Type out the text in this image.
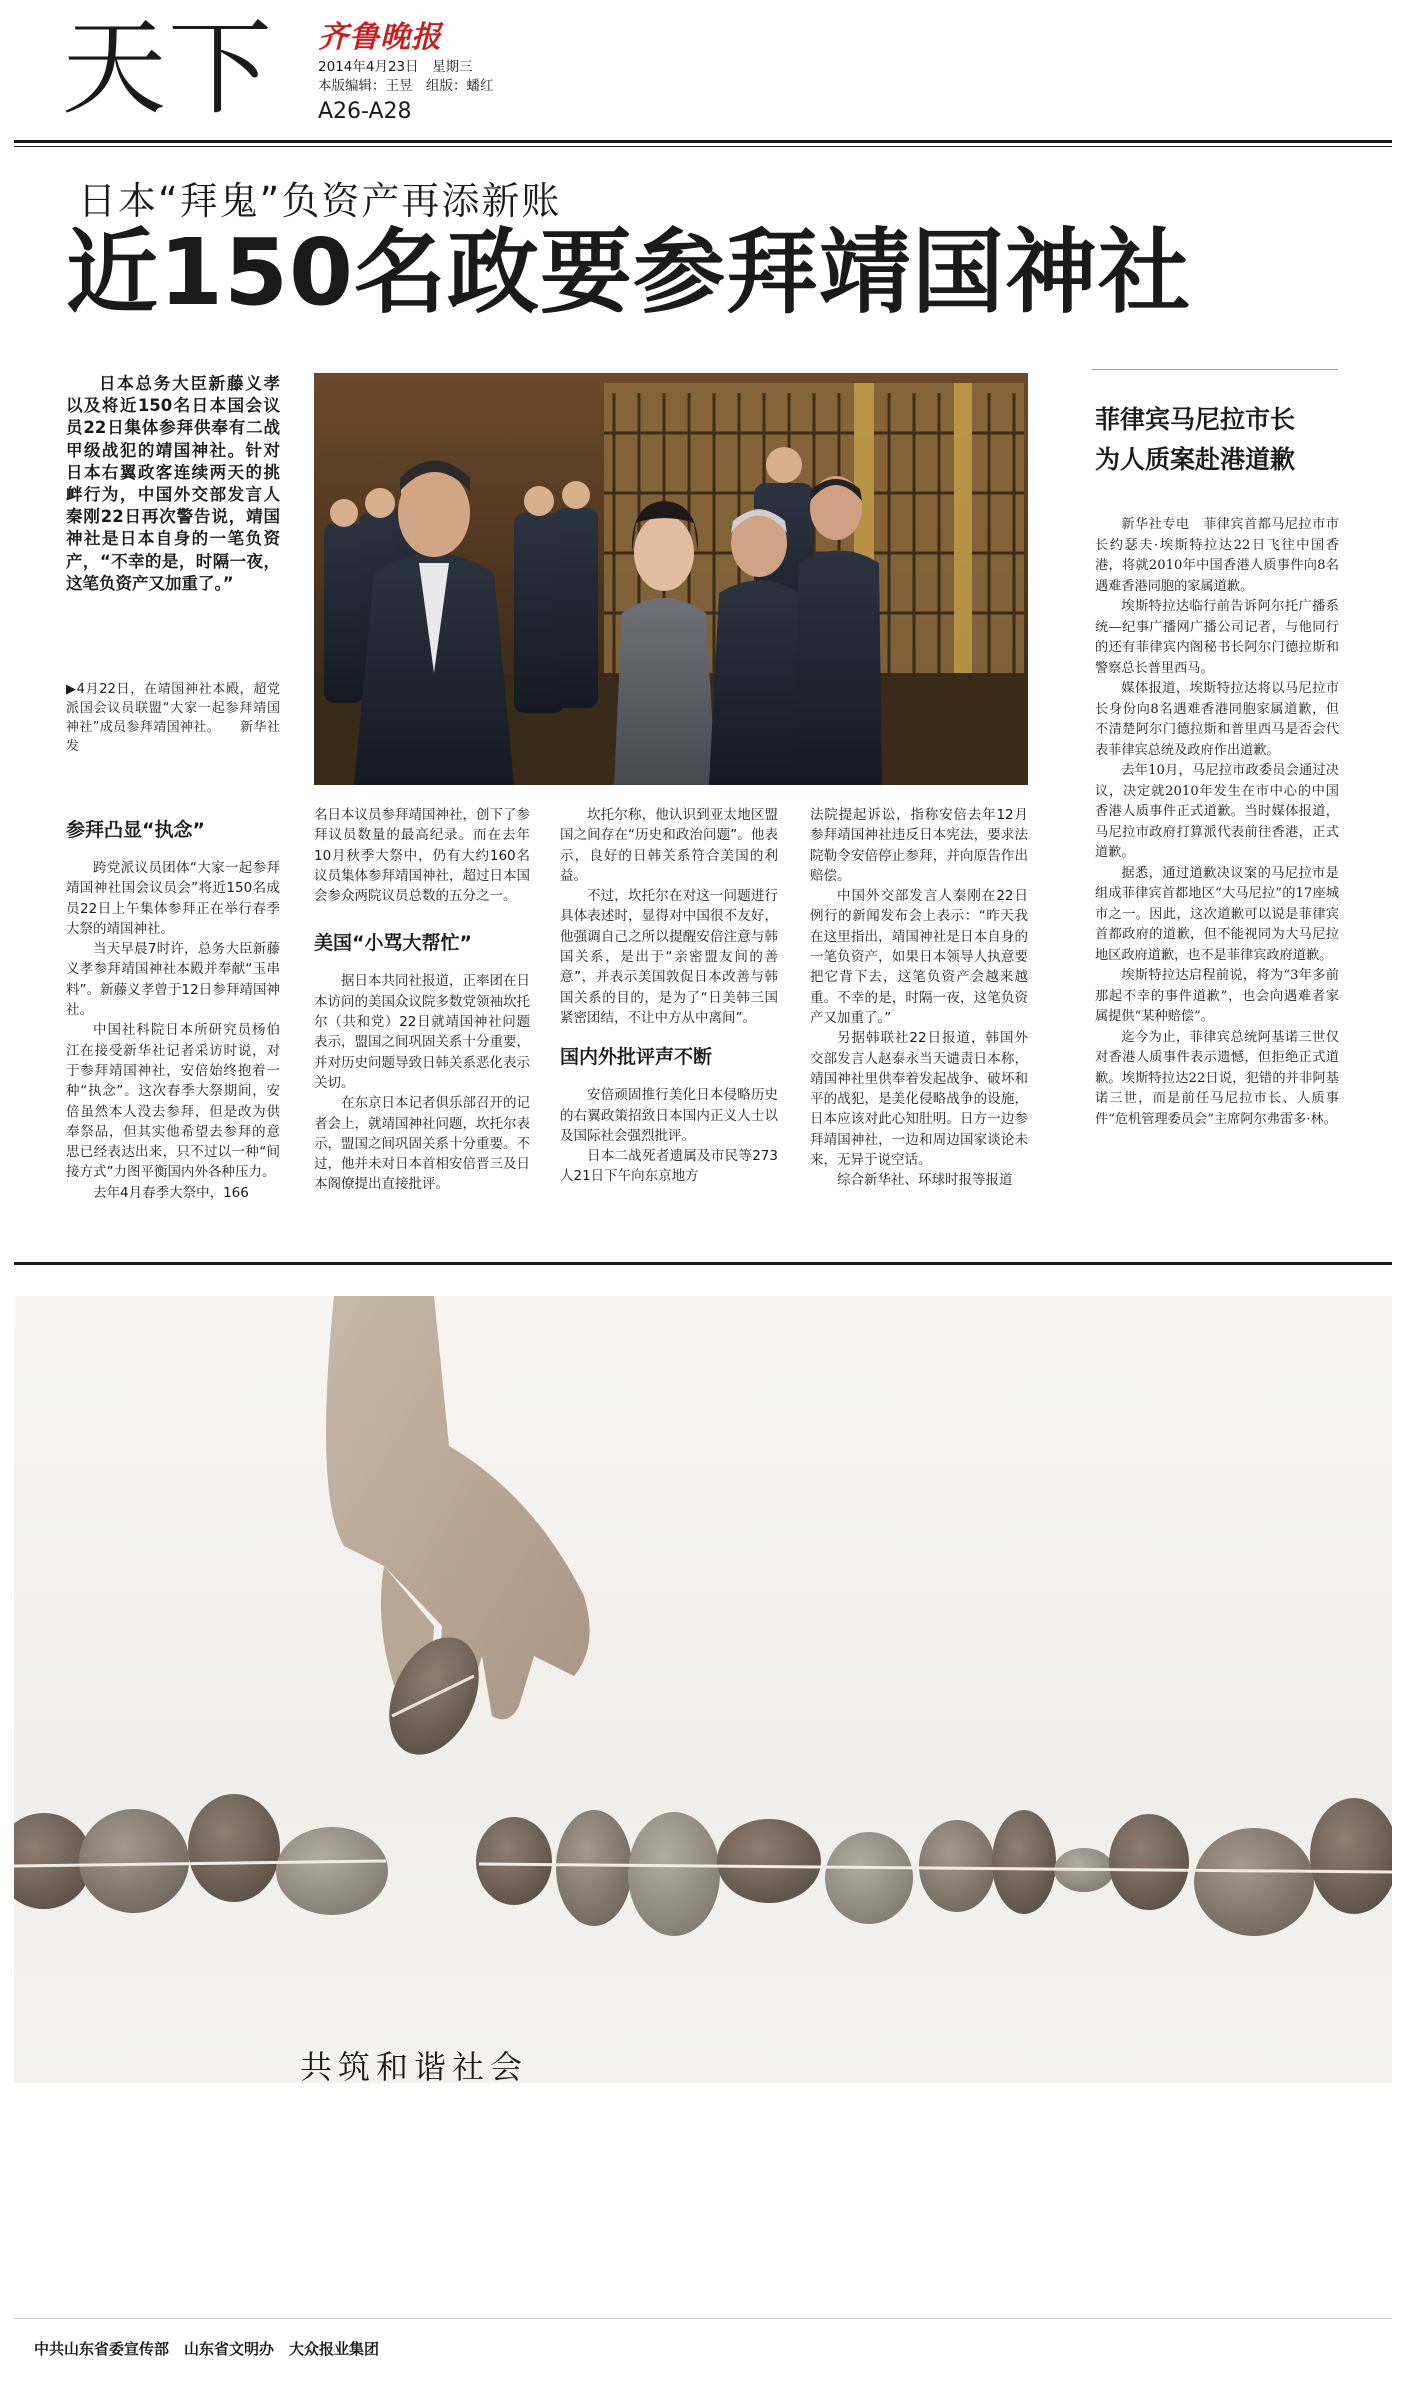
天下 齐鲁晚报
2014年4月23日　星期三
本版编辑：王昱　组版：蟠红
A26-A28
日本“拜鬼”负资产再添新账
近150名政要参拜靖国神社

日本总务大臣新藤义孝以及将近150名日本国会议员22日集体参拜供奉有二战甲级战犯的靖国神社。针对日本右翼政客连续两天的挑衅行为，中国外交部发言人秦刚22日再次警告说，靖国神社是日本自身的一笔负资产，“不幸的是，时隔一夜，这笔负资产又加重了。”

▶4月22日，在靖国神社本殿，超党派国会议员联盟“大家一起参拜靖国神社”成员参拜靖国神社。　　新华社发

参拜凸显“执念”

跨党派议员团体“大家一起参拜靖国神社国会议员会”将近150名成员22日上午集体参拜正在举行春季大祭的靖国神社。

当天早晨7时许，总务大臣新藤义孝参拜靖国神社本殿并奉献“玉串料”。新藤义孝曾于12日参拜靖国神社。

中国社科院日本所研究员杨伯江在接受新华社记者采访时说，对于参拜靖国神社，安倍始终抱着一种“执念”。这次春季大祭期间，安倍虽然本人没去参拜，但是改为供奉祭品，但其实他希望去参拜的意思已经表达出来，只不过以一种“间接方式”力图平衡国内外各种压力。

去年4月春季大祭中，166

名日本议员参拜靖国神社，创下了参拜议员数量的最高纪录。而在去年10月秋季大祭中，仍有大约160名议员集体参拜靖国神社，超过日本国会参众两院议员总数的五分之一。

美国“小骂大帮忙”

据日本共同社报道，正率团在日本访问的美国众议院多数党领袖坎托尔（共和党）22日就靖国神社问题表示，盟国之间巩固关系十分重要，并对历史问题导致日韩关系恶化表示关切。

在东京日本记者俱乐部召开的记者会上，就靖国神社问题，坎托尔表示，盟国之间巩固关系十分重要。不过，他并未对日本首相安倍晋三及日本阁僚提出直接批评。

坎托尔称，他认识到亚太地区盟国之间存在“历史和政治问题”。他表示，良好的日韩关系符合美国的利益。

不过，坎托尔在对这一问题进行具体表述时，显得对中国很不友好，他强调自己之所以提醒安倍注意与韩国关系，是出于“亲密盟友间的善意”，并表示美国敦促日本改善与韩国关系的目的，是为了“日美韩三国紧密团结，不让中方从中离间”。

国内外批评声不断

安倍顽固推行美化日本侵略历史的右翼政策招致日本国内正义人士以及国际社会强烈批评。

日本二战死者遗属及市民等273人21日下午向东京地方

法院提起诉讼，指称安倍去年12月参拜靖国神社违反日本宪法，要求法院勒令安倍停止参拜，并向原告作出赔偿。

中国外交部发言人秦刚在22日例行的新闻发布会上表示：“昨天我在这里指出，靖国神社是日本自身的一笔负资产，如果日本领导人执意要把它背下去，这笔负资产会越来越重。不幸的是，时隔一夜，这笔负资产又加重了。”

另据韩联社22日报道，韩国外交部发言人赵泰永当天谴责日本称，靖国神社里供奉着发起战争、破坏和平的战犯，是美化侵略战争的设施，日本应该对此心知肚明。日方一边参拜靖国神社，一边和周边国家谈论未来，无异于说空话。

综合新华社、环球时报等报道

菲律宾马尼拉市长
为人质案赴港道歉

新华社专电　菲律宾首都马尼拉市市长约瑟夫·埃斯特拉达22日飞往中国香港，将就2010年中国香港人质事件向8名遇难香港同胞的家属道歉。

埃斯特拉达临行前告诉阿尔托广播系统—纪事广播网广播公司记者，与他同行的还有菲律宾内阁秘书长阿尔门德拉斯和警察总长普里西马。

媒体报道，埃斯特拉达将以马尼拉市长身份向8名遇难香港同胞家属道歉，但不清楚阿尔门德拉斯和普里西马是否会代表菲律宾总统及政府作出道歉。

去年10月，马尼拉市政委员会通过决议，决定就2010年发生在市中心的中国香港人质事件正式道歉。当时媒体报道，马尼拉市政府打算派代表前往香港，正式道歉。

据悉，通过道歉决议案的马尼拉市是组成菲律宾首都地区“大马尼拉”的17座城市之一。因此，这次道歉可以说是菲律宾首都政府的道歉，但不能视同为大马尼拉地区政府道歉，也不是菲律宾政府道歉。

埃斯特拉达启程前说，将为“3年多前那起不幸的事件道歉”，也会向遇难者家属提供“某种赔偿”。

迄今为止，菲律宾总统阿基诺三世仅对香港人质事件表示遗憾，但拒绝正式道歉。埃斯特拉达22日说，犯错的并非阿基诺三世，而是前任马尼拉市长、人质事件“危机管理委员会”主席阿尔弗雷多·林。

共筑和谐社会
中共山东省委宣传部　山东省文明办　大众报业集团
